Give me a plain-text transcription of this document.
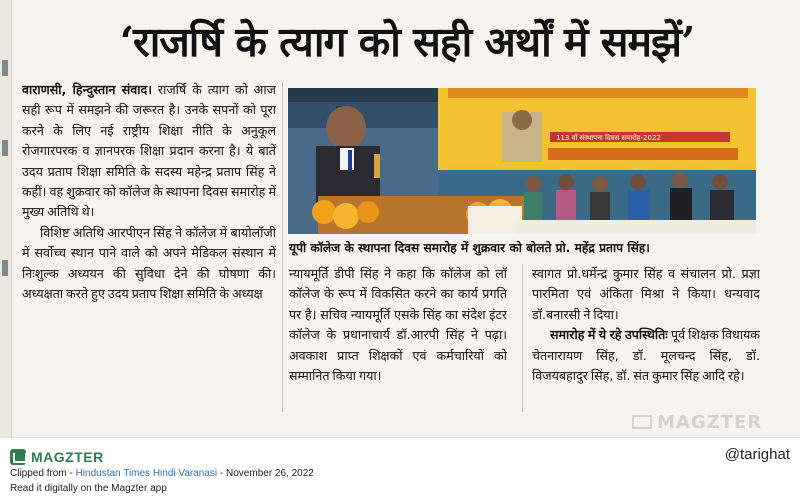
‘राजर्षि के त्याग को सही अर्थों में समझें’

वाराणसी, हिन्दुस्तान संवाद। राजर्षि के त्याग को आज सही रूप में समझने की जरूरत है। उनके सपनों को पूरा करने के लिए नई राष्ट्रीय शिक्षा नीति के अनुकूल रोजगारपरक व ज्ञानपरक शिक्षा प्रदान करना है। ये बातें उदय प्रताप शिक्षा समिति के सदस्य महेन्द्र प्रताप सिंह ने कहीं। वह शुक्रवार को कॉलेज के स्थापना दिवस समारोह में मुख्य अतिथि थे।

विशिष्ट अतिथि आरपीएन सिंह ने कॉलेज में बायोलॉजी में सर्वोच्च स्थान पाने वाले को अपने मेडिकल संस्थान में निःशुल्क अध्ययन की सुविधा देने की घोषणा की। अध्यक्षता करते हुए उदय प्रताप शिक्षा समिति के अध्यक्ष

113 वाँ संस्थापना दिवस समारोह-2022
यूपी कॉलेज के स्थापना दिवस समारोह में शुक्रवार को बोलते प्रो. महेंद्र प्रताप सिंह।

न्यायमूर्ति डीपी सिंह ने कहा कि कॉलेज को लॉ कॉलेज के रूप में विकसित करने का कार्य प्रगति पर है। सचिव न्यायमूर्ति एसके सिंह का संदेश इंटर कॉलेज के प्रधानाचार्य डॉ.आरपी सिंह ने पढ़ा। अवकाश प्राप्त शिक्षकों एवं कर्मचारियों को सम्मानित किया गया।

स्वागत प्रो.धर्मेन्द्र कुमार सिंह व संचालन प्रो. प्रज्ञा पारमिता एवं अंकिता मिश्रा ने किया। धन्यवाद डॉ.बनारसी ने दिया।

समारोह में ये रहे उपस्थितिः पूर्व शिक्षक विधायक चेतनारायण सिंह, डॉ. मूलचन्द सिंह, डॉ. विजयबहादुर सिंह, डॉ. संत कुमार सिंह आदि रहे।

MAGZTER
MAGZTER	@tarighat
Clipped from - Hindustan Times Hindi Varanasi - November 26, 2022
Read it digitally on the Magzter app
